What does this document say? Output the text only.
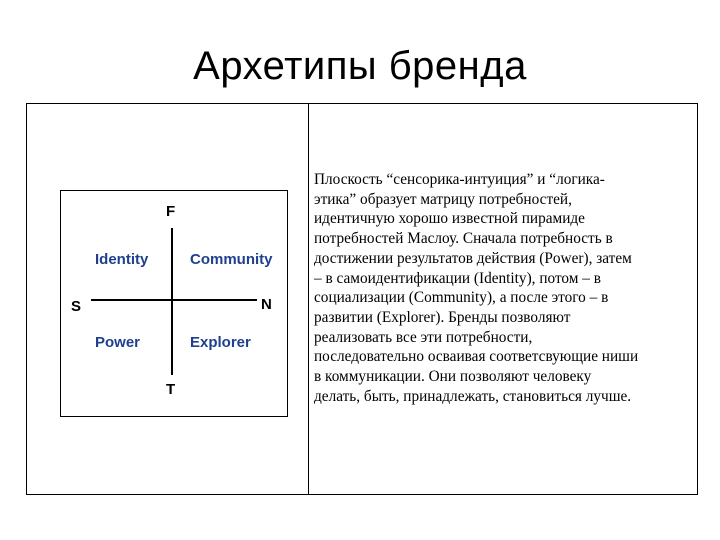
Архетипы бренда
F
T
S	N
Identity	Community
Power	Explorer
Плоскость “сенсорика-интуиция” и “логика-
этика” образует матрицу потребностей,
идентичную хорошо известной пирамиде
потребностей Маслоу. Сначала потребность в
достижении результатов действия (Power), затем
– в самоидентификации (Identity), потом – в
социализации (Community), а после этого – в
развитии (Explorer). Бренды позволяют
реализовать все эти потребности,
последовательно осваивая соответсвующие ниши
в коммуникации. Они позволяют человеку
делать, быть, принадлежать, становиться лучше.
